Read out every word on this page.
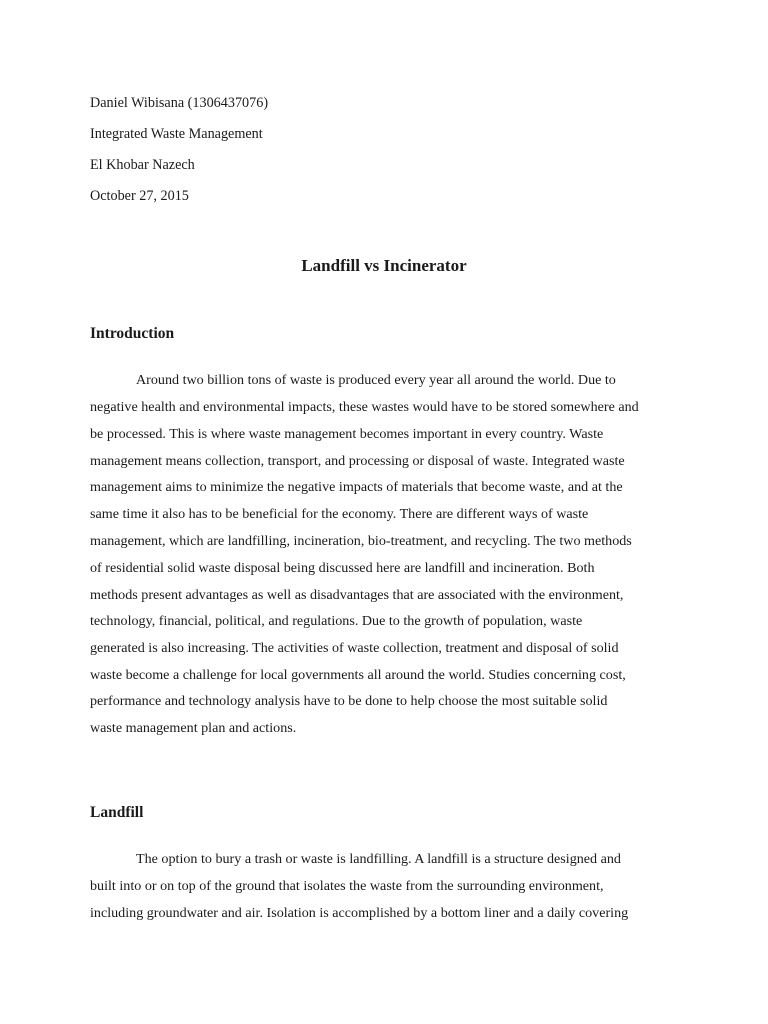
Daniel Wibisana (1306437076)

Integrated Waste Management

El Khobar Nazech

October 27, 2015

Landfill vs Incinerator
Introduction

Around two billion tons of waste is produced every year all around the world. Due to

negative health and environmental impacts, these wastes would have to be stored somewhere and

be processed. This is where waste management becomes important in every country. Waste

management means collection, transport, and processing or disposal of waste. Integrated waste

management aims to minimize the negative impacts of materials that become waste, and at the

same time it also has to be beneficial for the economy. There are different ways of waste

management, which are landfilling, incineration, bio-treatment, and recycling. The two methods

of residential solid waste disposal being discussed here are landfill and incineration. Both

methods present advantages as well as disadvantages that are associated with the environment,

technology, financial, political, and regulations. Due to the growth of population, waste

generated is also increasing. The activities of waste collection, treatment and disposal of solid

waste become a challenge for local governments all around the world. Studies concerning cost,

performance and technology analysis have to be done to help choose the most suitable solid

waste management plan and actions.

Landfill

The option to bury a trash or waste is landfilling. A landfill is a structure designed and

built into or on top of the ground that isolates the waste from the surrounding environment,

including groundwater and air. Isolation is accomplished by a bottom liner and a daily covering
